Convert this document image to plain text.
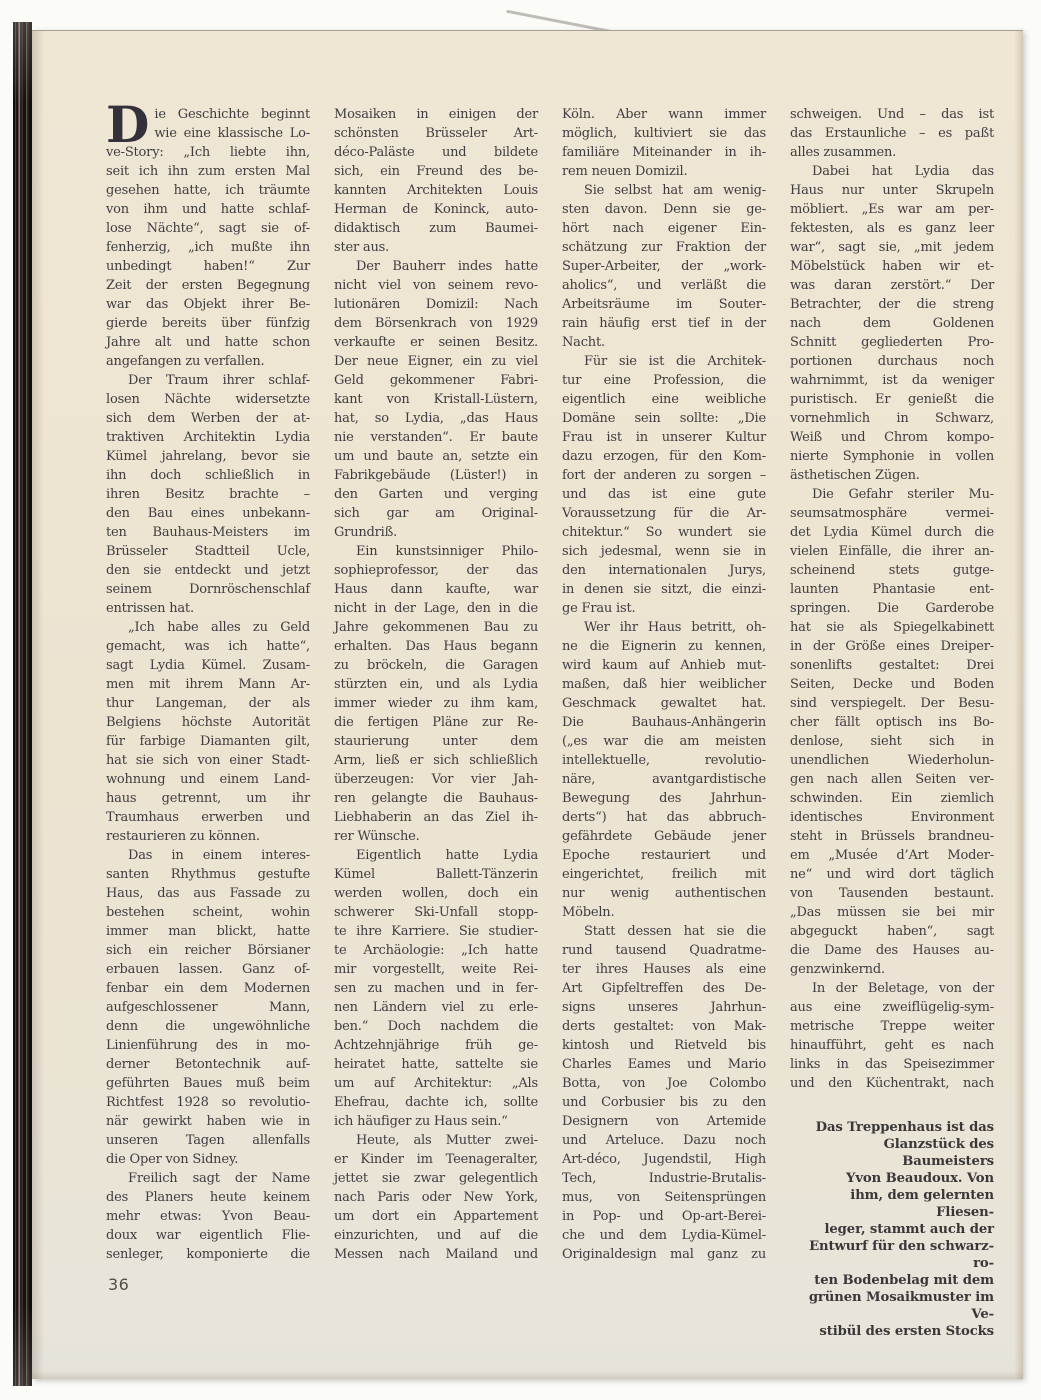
D ie Geschichte beginnt
wie eine klassische Lo-
ve-Story: „Ich liebte ihn,
seit ich ihn zum ersten Mal
gesehen hatte, ich träumte
von ihm und hatte schlaf-
lose Nächte“, sagt sie of-
fenherzig, „ich mußte ihn
unbedingt haben!“ Zur
Zeit der ersten Begegnung
war das Objekt ihrer Be-
gierde bereits über fünfzig
Jahre alt und hatte schon
angefangen zu verfallen.
Der Traum ihrer schlaf-
losen Nächte widersetzte
sich dem Werben der at-
traktiven Architektin Lydia
Kümel jahrelang, bevor sie
ihn doch schließlich in
ihren Besitz brachte –
den Bau eines unbekann-
ten Bauhaus-Meisters im
Brüsseler Stadtteil Ucle,
den sie entdeckt und jetzt
seinem Dornröschenschlaf
entrissen hat.
„Ich habe alles zu Geld
gemacht, was ich hatte“,
sagt Lydia Kümel. Zusam-
men mit ihrem Mann Ar-
thur Langeman, der als
Belgiens höchste Autorität
für farbige Diamanten gilt,
hat sie sich von einer Stadt-
wohnung und einem Land-
haus getrennt, um ihr
Traumhaus erwerben und
restaurieren zu können.
Das in einem interes-
santen Rhythmus gestufte
Haus, das aus Fassade zu
bestehen scheint, wohin
immer man blickt, hatte
sich ein reicher Börsianer
erbauen lassen. Ganz of-
fenbar ein dem Modernen
aufgeschlossener Mann,
denn die ungewöhnliche
Linienführung des in mo-
derner Betontechnik auf-
geführten Baues muß beim
Richtfest 1928 so revolutio-
när gewirkt haben wie in
unseren Tagen allenfalls
die Oper von Sidney.
Freilich sagt der Name
des Planers heute keinem
mehr etwas: Yvon Beau-
doux war eigentlich Flie-
senleger, komponierte die
Mosaiken in einigen der
schönsten Brüsseler Art-
déco-Paläste und bildete
sich, ein Freund des be-
kannten Architekten Louis
Herman de Koninck, auto-
didaktisch zum Baumei-
ster aus.
Der Bauherr indes hatte
nicht viel von seinem revo-
lutionären Domizil: Nach
dem Börsenkrach von 1929
verkaufte er seinen Besitz.
Der neue Eigner, ein zu viel
Geld gekommener Fabri-
kant von Kristall-Lüstern,
hat, so Lydia, „das Haus
nie verstanden“. Er baute
um und baute an, setzte ein
Fabrikgebäude (Lüster!) in
den Garten und verging
sich gar am Original-
Grundriß.
Ein kunstsinniger Philo-
sophieprofessor, der das
Haus dann kaufte, war
nicht in der Lage, den in die
Jahre gekommenen Bau zu
erhalten. Das Haus begann
zu bröckeln, die Garagen
stürzten ein, und als Lydia
immer wieder zu ihm kam,
die fertigen Pläne zur Re-
staurierung unter dem
Arm, ließ er sich schließlich
überzeugen: Vor vier Jah-
ren gelangte die Bauhaus-
Liebhaberin an das Ziel ih-
rer Wünsche.
Eigentlich hatte Lydia
Kümel Ballett-Tänzerin
werden wollen, doch ein
schwerer Ski-Unfall stopp-
te ihre Karriere. Sie studier-
te Archäologie: „Ich hatte
mir vorgestellt, weite Rei-
sen zu machen und in fer-
nen Ländern viel zu erle-
ben.“ Doch nachdem die
Achtzehnjährige früh ge-
heiratet hatte, sattelte sie
um auf Architektur: „Als
Ehefrau, dachte ich, sollte
ich häufiger zu Haus sein.“
Heute, als Mutter zwei-
er Kinder im Teenageralter,
jettet sie zwar gelegentlich
nach Paris oder New York,
um dort ein Appartement
einzurichten, und auf die
Messen nach Mailand und
Köln. Aber wann immer
möglich, kultiviert sie das
familiäre Miteinander in ih-
rem neuen Domizil.
Sie selbst hat am wenig-
sten davon. Denn sie ge-
hört nach eigener Ein-
schätzung zur Fraktion der
Super-Arbeiter, der „work-
aholics“, und verläßt die
Arbeitsräume im Souter-
rain häufig erst tief in der
Nacht.
Für sie ist die Architek-
tur eine Profession, die
eigentlich eine weibliche
Domäne sein sollte: „Die
Frau ist in unserer Kultur
dazu erzogen, für den Kom-
fort der anderen zu sorgen –
und das ist eine gute
Voraussetzung für die Ar-
chitektur.“ So wundert sie
sich jedesmal, wenn sie in
den internationalen Jurys,
in denen sie sitzt, die einzi-
ge Frau ist.
Wer ihr Haus betritt, oh-
ne die Eignerin zu kennen,
wird kaum auf Anhieb mut-
maßen, daß hier weiblicher
Geschmack gewaltet hat.
Die Bauhaus-Anhängerin
(„es war die am meisten
intellektuelle, revolutio-
näre, avantgardistische
Bewegung des Jahrhun-
derts“) hat das abbruch-
gefährdete Gebäude jener
Epoche restauriert und
eingerichtet, freilich mit
nur wenig authentischen
Möbeln.
Statt dessen hat sie die
rund tausend Quadratme-
ter ihres Hauses als eine
Art Gipfeltreffen des De-
signs unseres Jahrhun-
derts gestaltet: von Mak-
kintosh und Rietveld bis
Charles Eames und Mario
Botta, von Joe Colombo
und Corbusier bis zu den
Designern von Artemide
und Arteluce. Dazu noch
Art-déco, Jugendstil, High
Tech, Industrie-Brutalis-
mus, von Seitensprüngen
in Pop- und Op-art-Berei-
che und dem Lydia-Kümel-
Originaldesign mal ganz zu
schweigen. Und – das ist
das Erstaunliche – es paßt
alles zusammen.
Dabei hat Lydia das
Haus nur unter Skrupeln
möbliert. „Es war am per-
fektesten, als es ganz leer
war“, sagt sie, „mit jedem
Möbelstück haben wir et-
was daran zerstört.“ Der
Betrachter, der die streng
nach dem Goldenen
Schnitt gegliederten Pro-
portionen durchaus noch
wahrnimmt, ist da weniger
puristisch. Er genießt die
vornehmlich in Schwarz,
Weiß und Chrom kompo-
nierte Symphonie in vollen
ästhetischen Zügen.
Die Gefahr steriler Mu-
seumsatmosphäre vermei-
det Lydia Kümel durch die
vielen Einfälle, die ihrer an-
scheinend stets gutge-
launten Phantasie ent-
springen. Die Garderobe
hat sie als Spiegelkabinett
in der Größe eines Dreiper-
sonenlifts gestaltet: Drei
Seiten, Decke und Boden
sind verspiegelt. Der Besu-
cher fällt optisch ins Bo-
denlose, sieht sich in
unendlichen Wiederholun-
gen nach allen Seiten ver-
schwinden. Ein ziemlich
identisches Environment
steht in Brüssels brandneu-
em „Musée d’Art Moder-
ne“ und wird dort täglich
von Tausenden bestaunt.
„Das müssen sie bei mir
abgeguckt haben“, sagt
die Dame des Hauses au-
genzwinkernd.
In der Beletage, von der
aus eine zweiflügelig-sym-
metrische Treppe weiter
hinaufführt, geht es nach
links in das Speisezimmer
und den Küchentrakt, nach
Das Treppenhaus ist das
Glanzstück des Baumeisters
Yvon Beaudoux. Von
ihm, dem gelernten Fliesen-
leger, stammt auch der
Entwurf für den schwarz-ro-
ten Bodenbelag mit dem
grünen Mosaikmuster im Ve-
stibül des ersten Stocks
36
